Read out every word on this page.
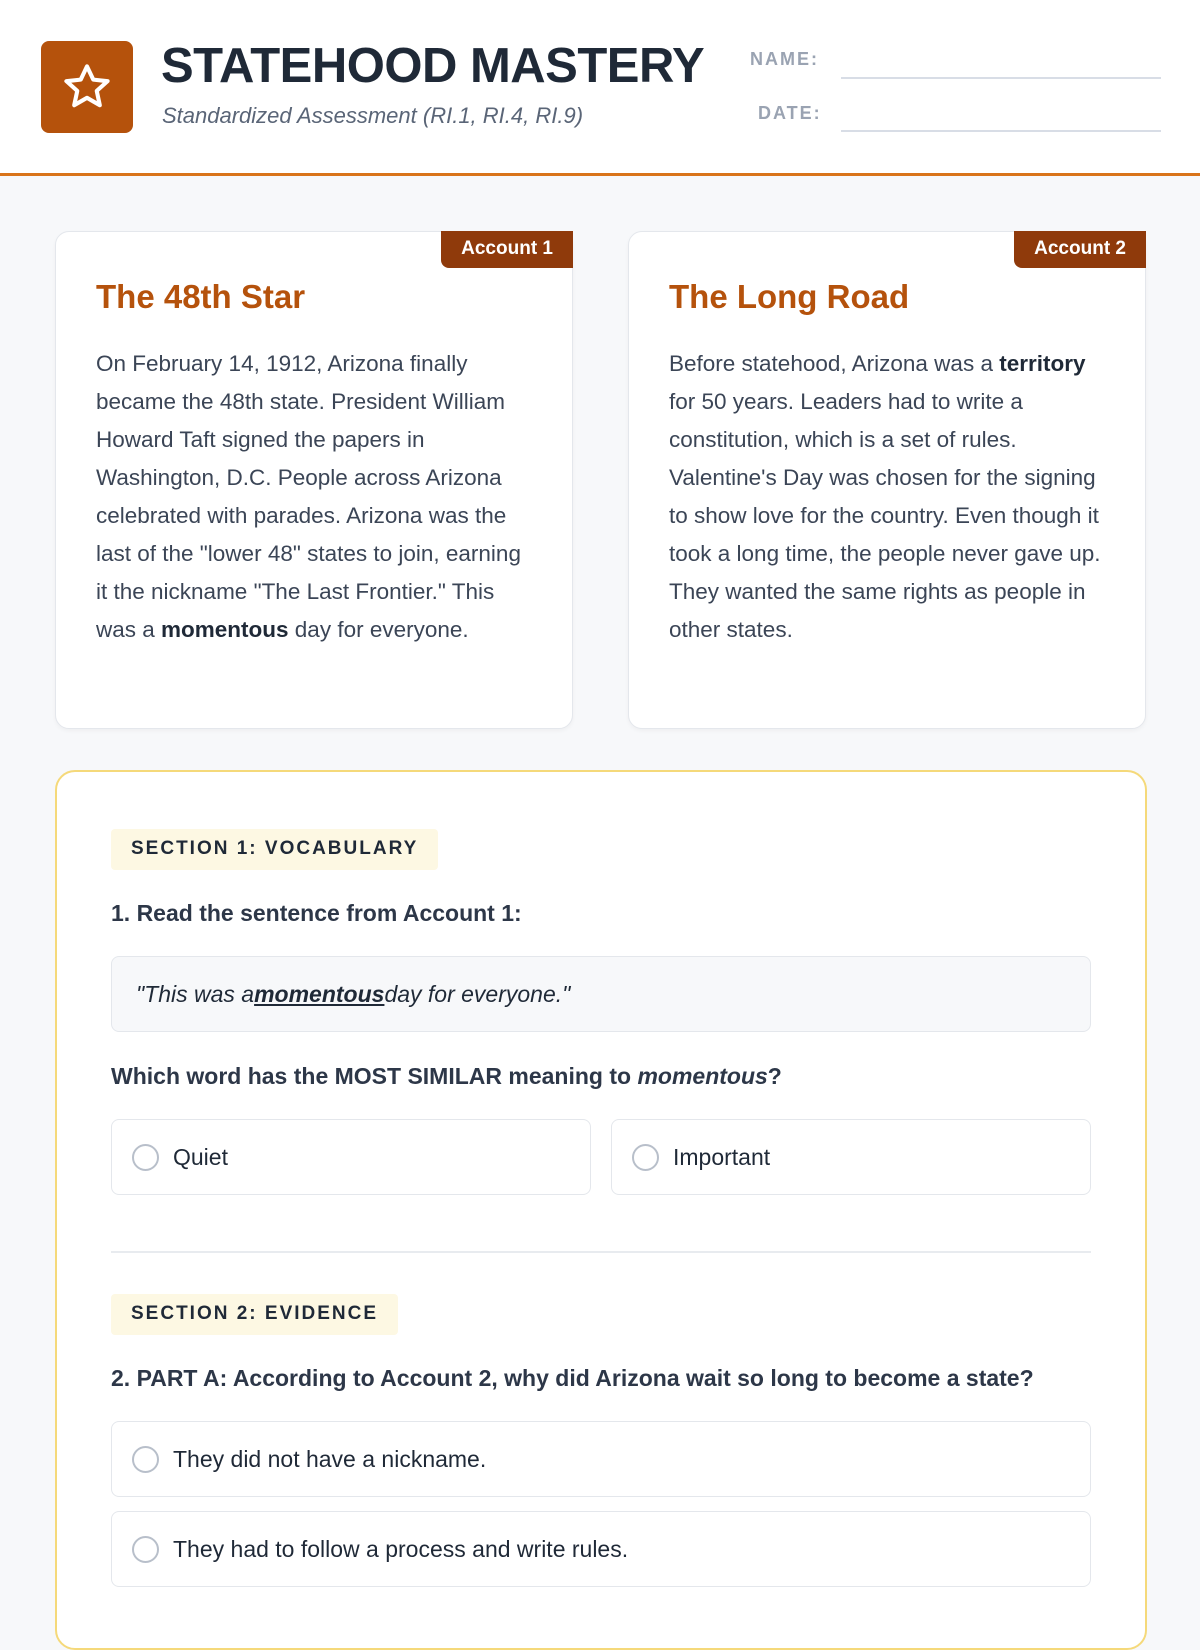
STATEHOOD MASTERY
Standardized Assessment (RI.1, RI.4, RI.9)
NAME:
DATE:
Account 1
The 48th Star
On February 14, 1912, Arizona finally became the 48th state. President William Howard Taft signed the papers in Washington, D.C. People across Arizona celebrated with parades. Arizona was the last of the "lower 48" states to join, earning it the nickname "The Last Frontier." This was a momentous day for everyone.
Account 2
The Long Road
Before statehood, Arizona was a territory for 50 years. Leaders had to write a constitution, which is a set of rules. Valentine's Day was chosen for the signing to show love for the country. Even though it took a long time, the people never gave up. They wanted the same rights as people in other states.
SECTION 1: VOCABULARY
1. Read the sentence from Account 1:
"This was a momentous day for everyone."
Which word has the MOST SIMILAR meaning to momentous?
Quiet	Important
SECTION 2: EVIDENCE
2. PART A: According to Account 2, why did Arizona wait so long to become a state?
They did not have a nickname.
They had to follow a process and write rules.
